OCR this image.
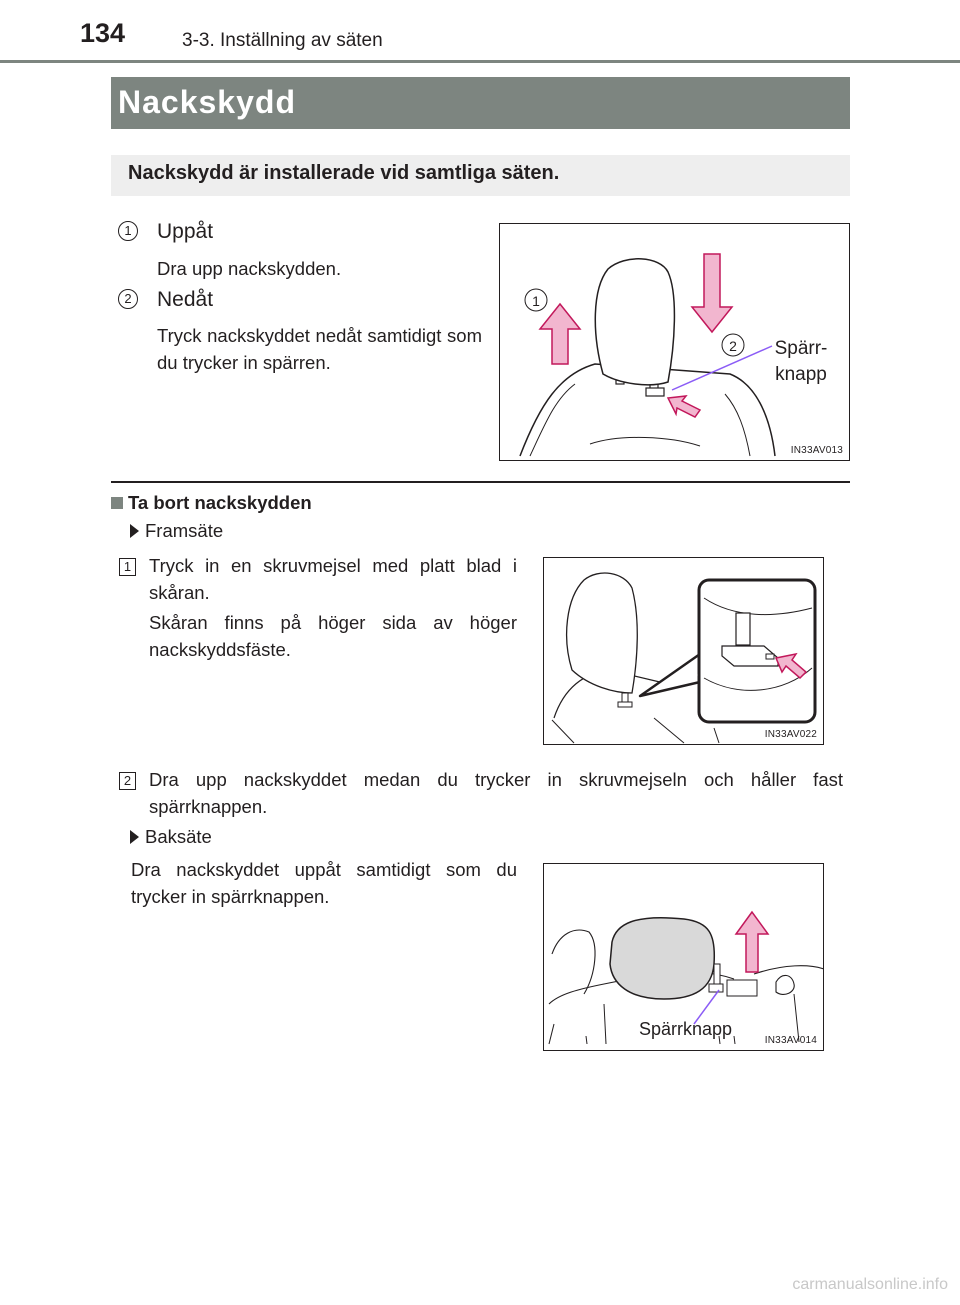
134	3-3. Inställning av säten
Nackskydd
Nackskydd är installerade vid samtliga säten.
1	Uppåt
Dra upp nackskydden.
2	Nedåt
Tryck nackskyddet nedåt samtidigt som du trycker in spärren.
1
2	Spärr-
knapp
IN33AV013
Ta bort nackskydden
Framsäte
1 Tryck in en skruvmejsel med platt blad i skåran.
Skåran finns på höger sida av höger nackskyddsfäste.
IN33AV022
2 Dra upp nackskyddet medan du trycker in skruvmejseln och håller fast spärrknappen.
Baksäte
Dra nackskyddet uppåt samtidigt som du trycker in spärrknappen.
Spärrknapp
IN33AV014
carmanualsonline.info
